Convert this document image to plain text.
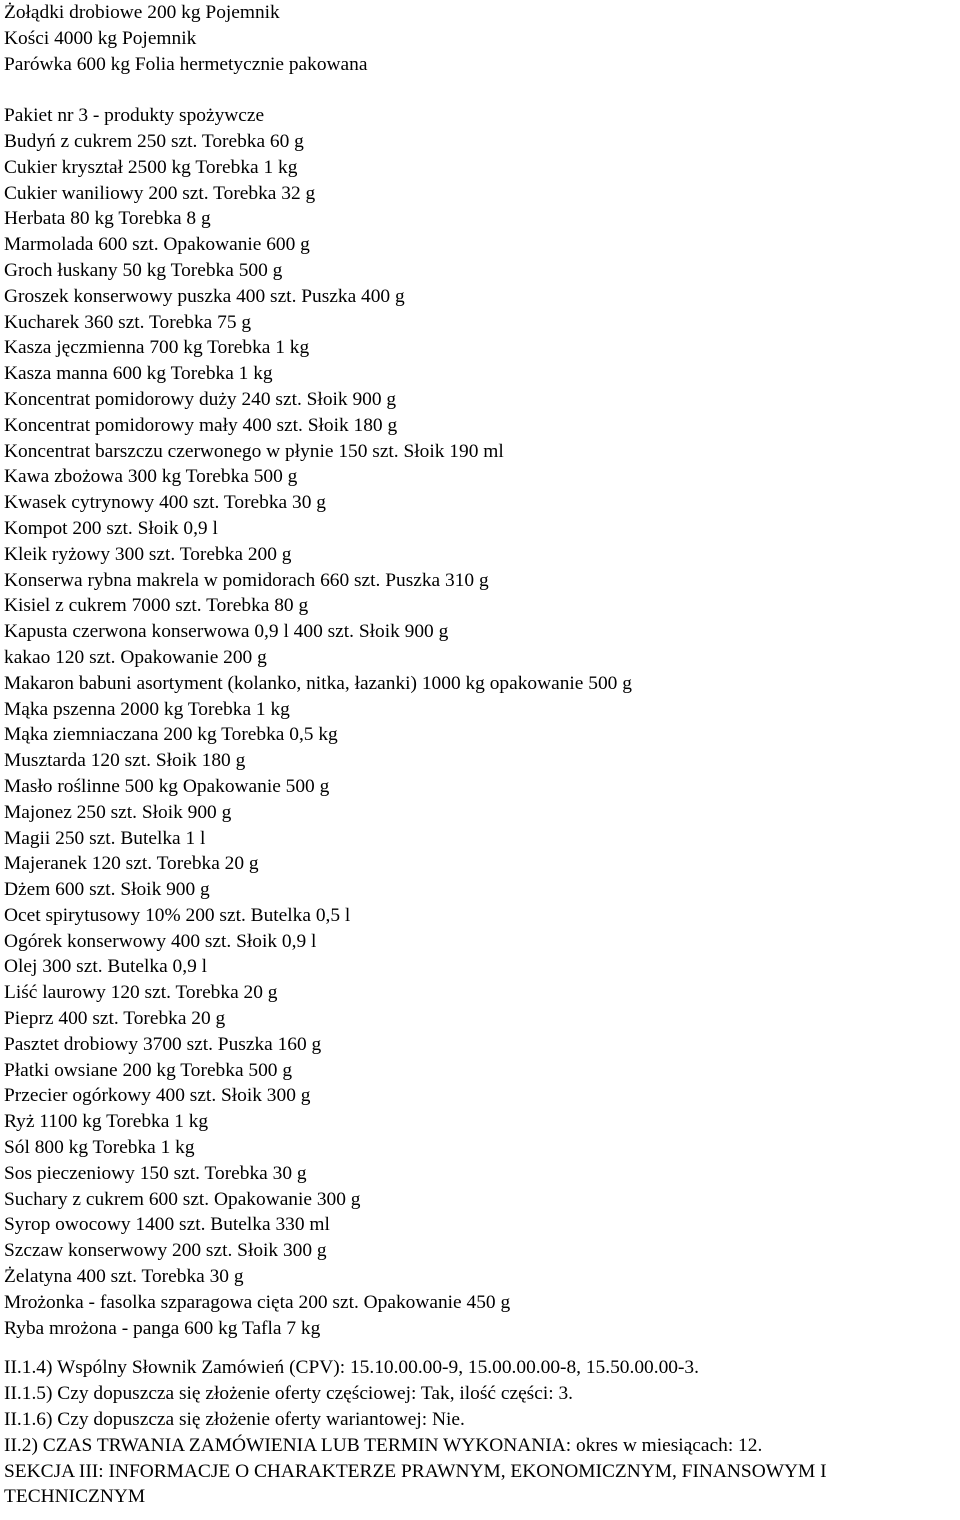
Żołądki drobiowe 200 kg Pojemnik
Kości 4000 kg Pojemnik
Parówka 600 kg Folia hermetycznie pakowana
Pakiet nr 3 - produkty spożywcze
Budyń z cukrem 250 szt. Torebka 60 g
Cukier kryształ 2500 kg Torebka 1 kg
Cukier waniliowy 200 szt. Torebka 32 g
Herbata 80 kg Torebka 8 g
Marmolada 600 szt. Opakowanie 600 g
Groch łuskany 50 kg Torebka 500 g
Groszek konserwowy puszka 400 szt. Puszka 400 g
Kucharek 360 szt. Torebka 75 g
Kasza jęczmienna 700 kg Torebka 1 kg
Kasza manna 600 kg Torebka 1 kg
Koncentrat pomidorowy duży 240 szt. Słoik 900 g
Koncentrat pomidorowy mały 400 szt. Słoik 180 g
Koncentrat barszczu czerwonego w płynie 150 szt. Słoik 190 ml
Kawa zbożowa 300 kg Torebka 500 g
Kwasek cytrynowy 400 szt. Torebka 30 g
Kompot 200 szt. Słoik 0,9 l
Kleik ryżowy 300 szt. Torebka 200 g
Konserwa rybna makrela w pomidorach 660 szt. Puszka 310 g
Kisiel z cukrem 7000 szt. Torebka 80 g
Kapusta czerwona konserwowa 0,9 l 400 szt. Słoik 900 g
kakao 120 szt. Opakowanie 200 g
Makaron babuni asortyment (kolanko, nitka, łazanki) 1000 kg opakowanie 500 g
Mąka pszenna 2000 kg Torebka 1 kg
Mąka ziemniaczana 200 kg Torebka 0,5 kg
Musztarda 120 szt. Słoik 180 g
Masło roślinne 500 kg Opakowanie 500 g
Majonez 250 szt. Słoik 900 g
Magii 250 szt. Butelka 1 l
Majeranek 120 szt. Torebka 20 g
Dżem 600 szt. Słoik 900 g
Ocet spirytusowy 10% 200 szt. Butelka 0,5 l
Ogórek konserwowy 400 szt. Słoik 0,9 l
Olej 300 szt. Butelka 0,9 l
Liść laurowy 120 szt. Torebka 20 g
Pieprz 400 szt. Torebka 20 g
Pasztet drobiowy 3700 szt. Puszka 160 g
Płatki owsiane 200 kg Torebka 500 g
Przecier ogórkowy 400 szt. Słoik 300 g
Ryż 1100 kg Torebka 1 kg
Sól 800 kg Torebka 1 kg
Sos pieczeniowy 150 szt. Torebka 30 g
Suchary z cukrem 600 szt. Opakowanie 300 g
Syrop owocowy 1400 szt. Butelka 330 ml
Szczaw konserwowy 200 szt. Słoik 300 g
Żelatyna 400 szt. Torebka 30 g
Mrożonka - fasolka szparagowa cięta 200 szt. Opakowanie 450 g
Ryba mrożona - panga 600 kg Tafla 7 kg
II.1.4) Wspólny Słownik Zamówień (CPV): 15.10.00.00-9, 15.00.00.00-8, 15.50.00.00-3.
II.1.5) Czy dopuszcza się złożenie oferty częściowej: Tak, ilość części: 3.
II.1.6) Czy dopuszcza się złożenie oferty wariantowej: Nie.
II.2) CZAS TRWANIA ZAMÓWIENIA LUB TERMIN WYKONANIA: okres w miesiącach: 12.
SEKCJA III: INFORMACJE O CHARAKTERZE PRAWNYM, EKONOMICZNYM, FINANSOWYM I
TECHNICZNYM
